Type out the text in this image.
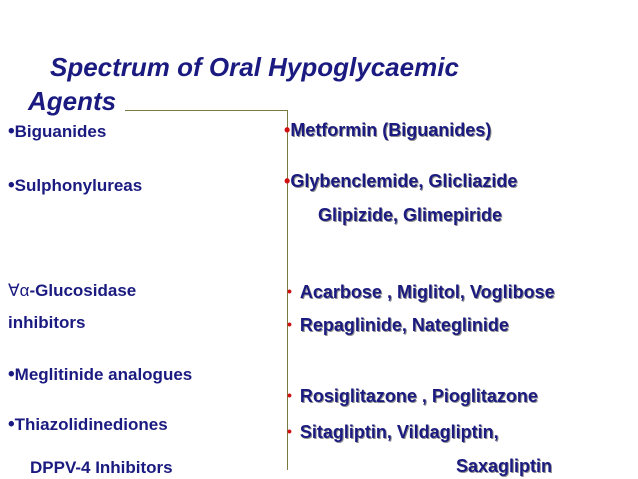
Spectrum of Oral Hypoglycaemic
Agents
•Biguanides
•Sulphonylureas
∀α-Glucosidase
inhibitors
•Meglitinide analogues
•Thiazolidinediones
DPPV-4 Inhibitors
•Metformin (Biguanides)
•Glybenclemide, Glicliazide
Glipizide, Glimepiride
• Acarbose , Miglitol, Voglibose
• Repaglinide, Nateglinide
• Rosiglitazone , Pioglitazone
• Sitagliptin, Vildagliptin,
Saxagliptin
